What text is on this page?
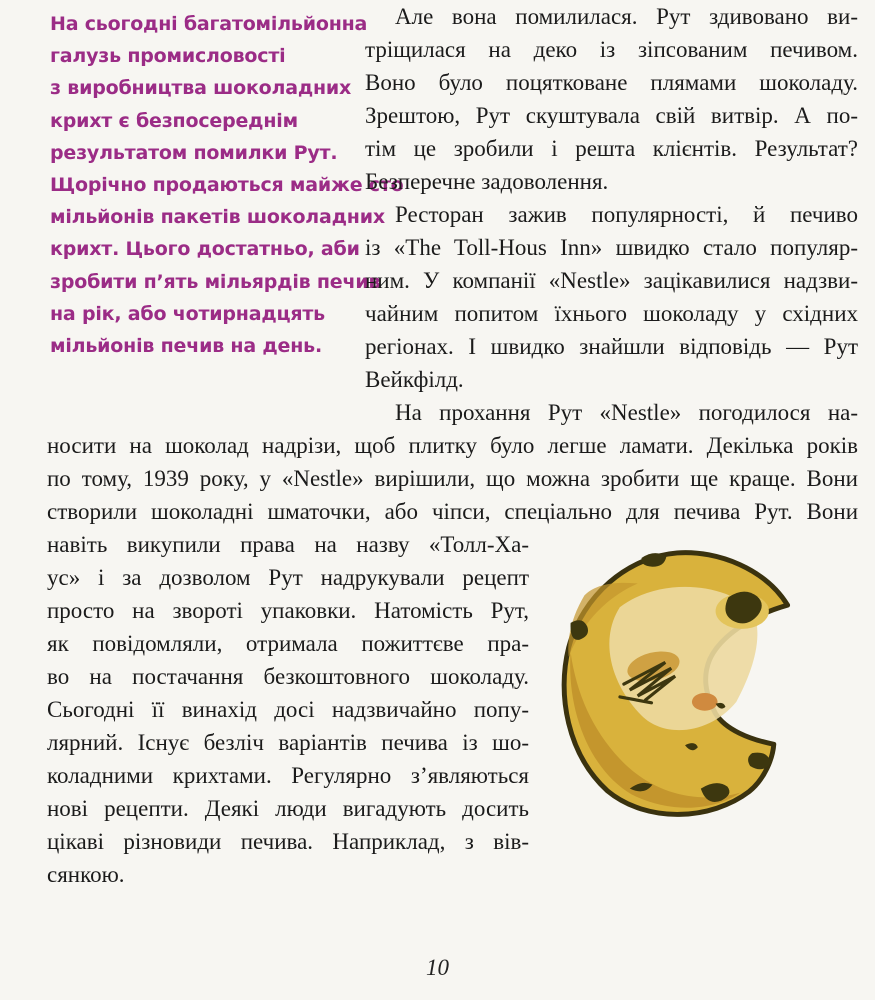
На сьогодні багатомільйонна
галузь промисловості
з виробництва шоколадних
крихт є безпосереднім
результатом помилки Рут.
Щорічно продаються майже сто
мільйонів пакетів шоколадних
крихт. Цього достатньо, аби
зробити п’ять мільярдів печив
на рік, або чотирнадцять
мільйонів печив на день.
Але вона помилилася. Рут здивовано ви-
тріщилася на деко із зіпсованим печивом.
Воно було поцятковане плямами шоколаду.
Зрештою, Рут скуштувала свій витвір. А по-
тім це зробили і решта клієнтів. Результат?
Безперечне задоволення.
Ресторан зажив популярності, й печиво
із «The Toll-Hous Inn» швидко стало популяр-
ним. У компанії «Nestle» зацікавилися надзви-
чайним попитом їхнього шоколаду у східних
регіонах. І швидко знайшли відповідь — Рут
Вейкфілд.
На прохання Рут «Nestle» погодилося на-
носити на шоколад надрізи, щоб плитку було легше ламати. Декілька років
по тому, 1939 року, у «Nestle» вирішили, що можна зробити ще краще. Вони
створили шоколадні шматочки, або чіпси, спеціально для печива Рут. Вони
навіть викупили права на назву «Толл-Ха-
ус» і за дозволом Рут надрукували рецепт
просто на звороті упаковки. Натомість Рут,
як повідомляли, отримала пожиттєве пра-
во на постачання безкоштовного шоколаду.
Сьогодні її винахід досі надзвичайно попу-
лярний. Існує безліч варіантів печива із шо-
коладними крихтами. Регулярно з’являються
нові рецепти. Деякі люди вигадують досить
цікаві різновиди печива. Наприклад, з вів-
сянкою.
10
